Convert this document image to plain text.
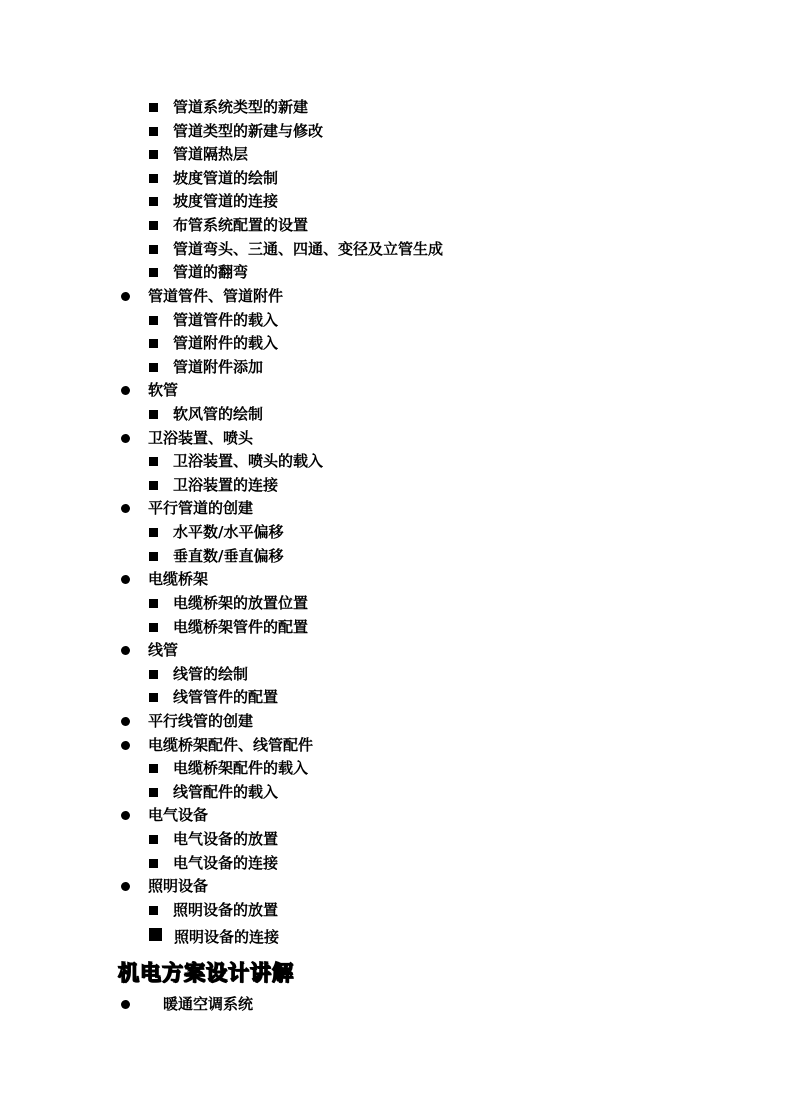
管道系统类型的新建
管道类型的新建与修改
管道隔热层
坡度管道的绘制
坡度管道的连接
布管系统配置的设置
管道弯头、三通、四通、变径及立管生成
管道的翻弯
管道管件、管道附件
管道管件的载入
管道附件的载入
管道附件添加
软管
软风管的绘制
卫浴装置、喷头
卫浴装置、喷头的载入
卫浴装置的连接
平行管道的创建
水平数/水平偏移
垂直数/垂直偏移
电缆桥架
电缆桥架的放置位置
电缆桥架管件的配置
线管
线管的绘制
线管管件的配置
平行线管的创建
电缆桥架配件、线管配件
电缆桥架配件的载入
线管配件的载入
电气设备
电气设备的放置
电气设备的连接
照明设备
照明设备的放置
照明设备的连接
机电方案设计讲解
暖通空调系统
